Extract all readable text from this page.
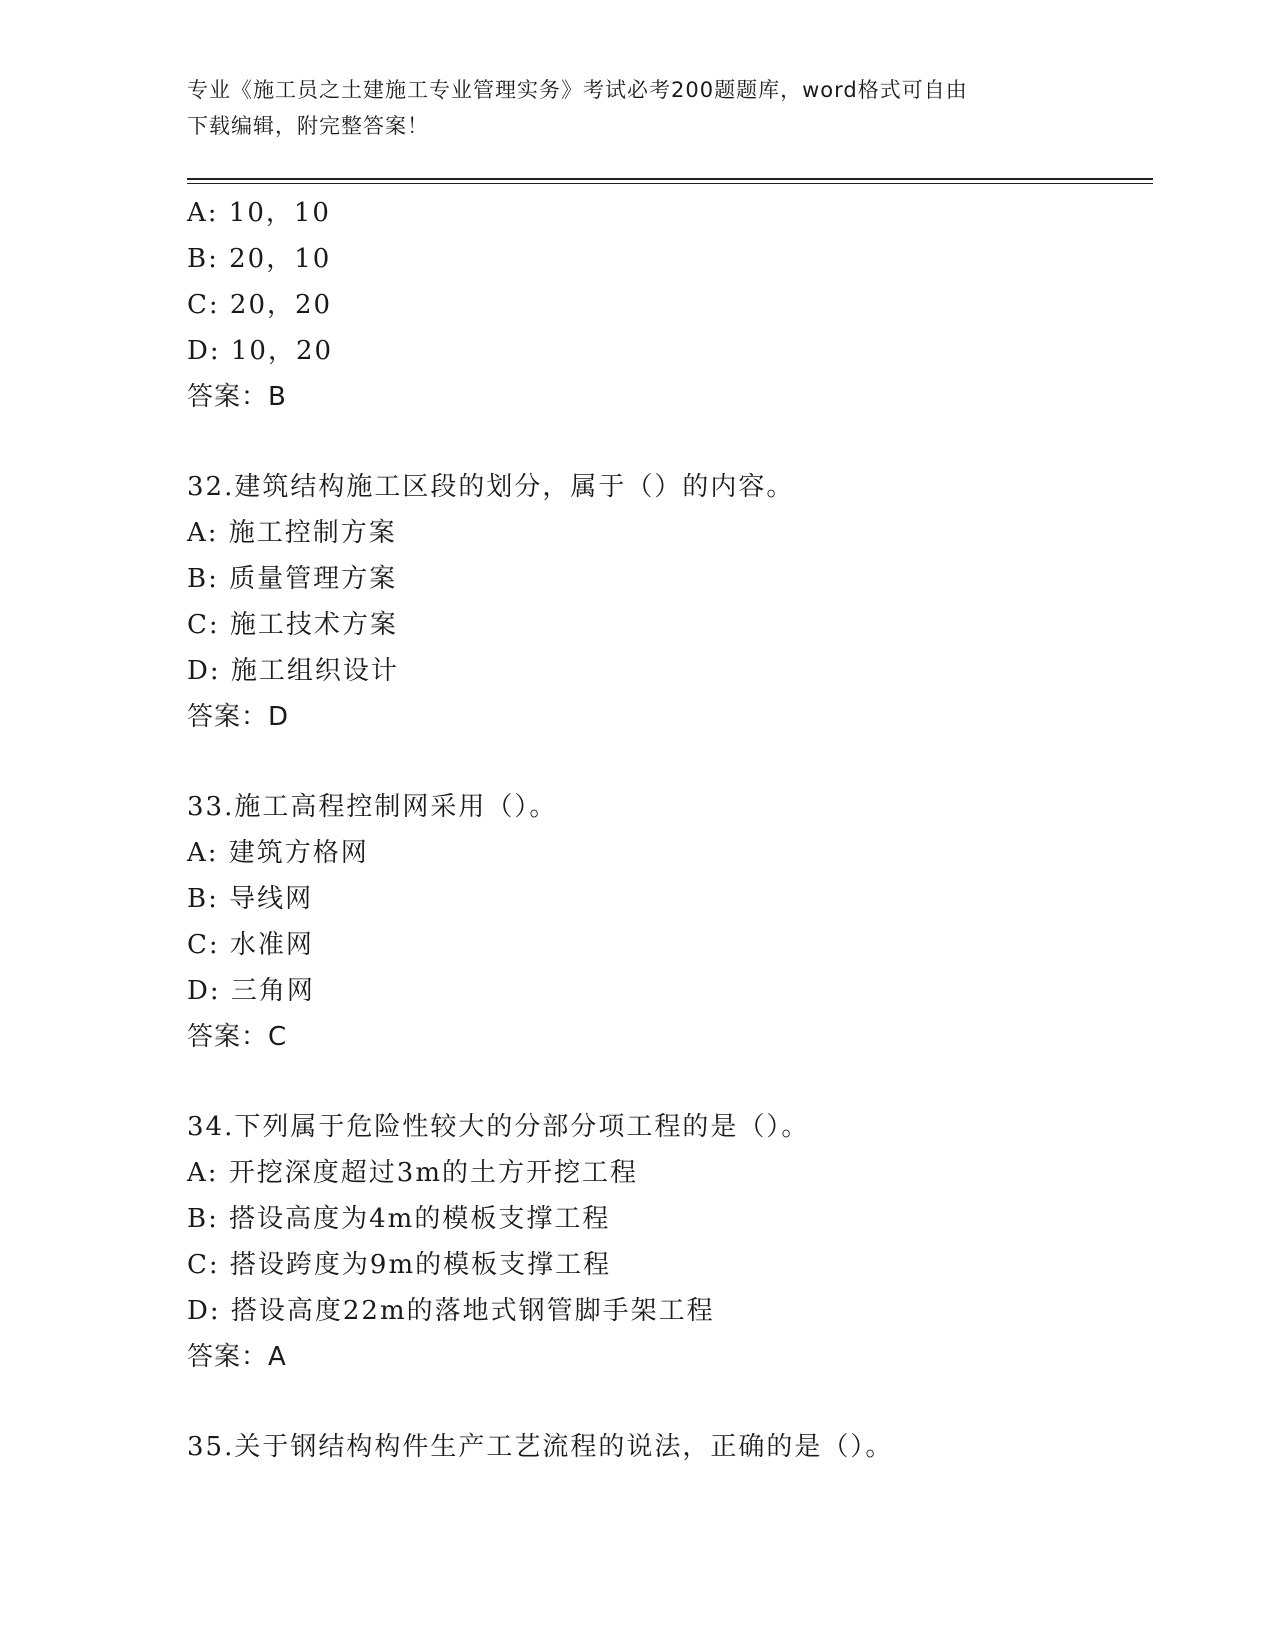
专业《施工员之土建施工专业管理实务》考试必考200题题库，word格式可自由
下载编辑，附完整答案！
A: 10，10
B: 20，10
C: 20，20
D: 10，20
答案：B
32.建筑结构施工区段的划分，属于（）的内容。
A: 施工控制方案
B: 质量管理方案
C: 施工技术方案
D: 施工组织设计
答案：D
33.施工高程控制网采用（）。
A: 建筑方格网
B: 导线网
C: 水准网
D: 三角网
答案：C
34.下列属于危险性较大的分部分项工程的是（）。
A: 开挖深度超过3m的土方开挖工程
B: 搭设高度为4m的模板支撑工程
C: 搭设跨度为9m的模板支撑工程
D: 搭设高度22m的落地式钢管脚手架工程
答案：A
35.关于钢结构构件生产工艺流程的说法，正确的是（）。
